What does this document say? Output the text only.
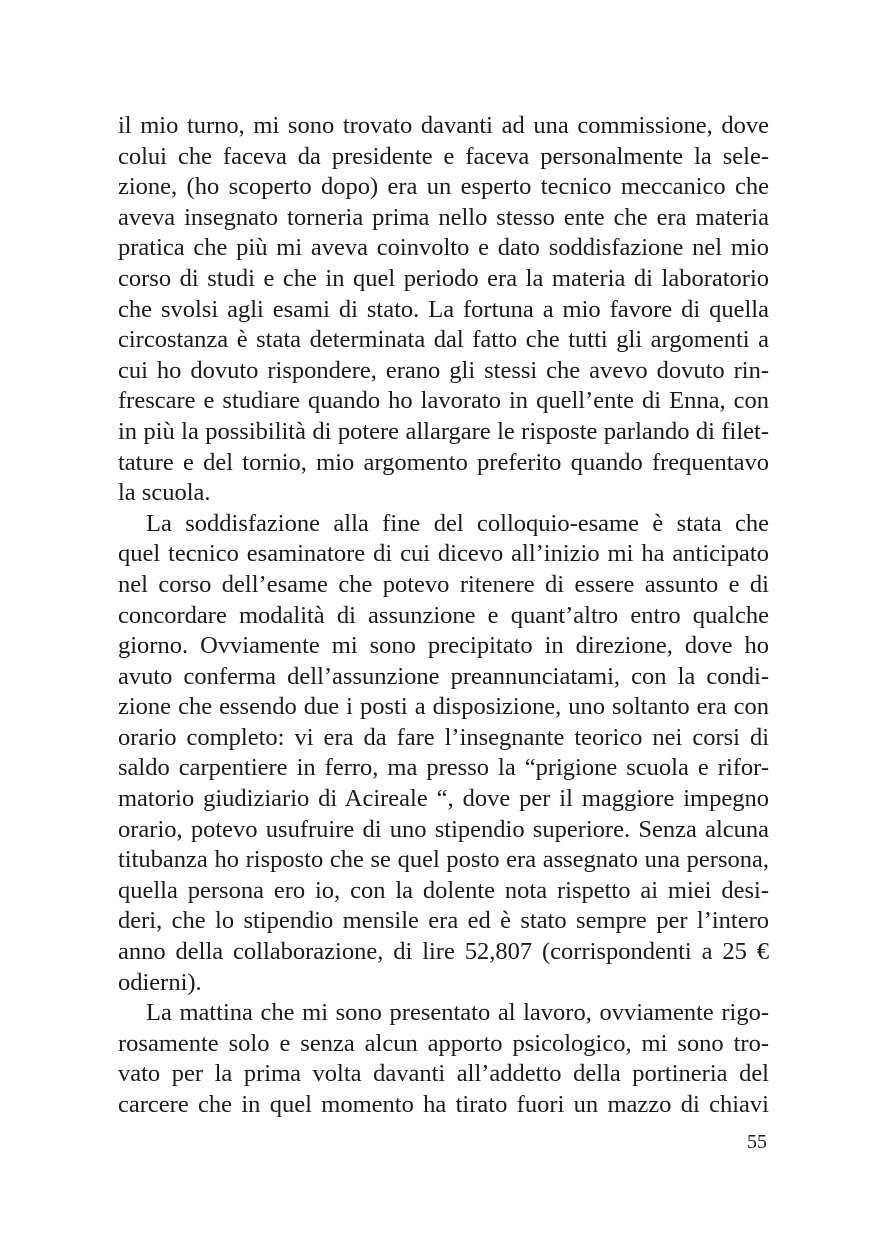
il mio turno, mi sono trovato davanti ad una commissione, dove
colui che faceva da presidente e faceva personalmente la sele-
zione, (ho scoperto dopo) era un esperto tecnico meccanico che
aveva insegnato torneria prima nello stesso ente che era materia
pratica che più mi aveva coinvolto e dato soddisfazione nel mio
corso di studi e che in quel periodo era la materia di laboratorio
che svolsi agli esami di stato. La fortuna a mio favore di quella
circostanza è stata determinata dal fatto che tutti gli argomenti a
cui ho dovuto rispondere, erano gli stessi che avevo dovuto rin-
frescare e studiare quando ho lavorato in quell’ente di Enna, con
in più la possibilità di potere allargare le risposte parlando di filet-
tature e del tornio, mio argomento preferito quando frequentavo
la scuola.
La soddisfazione alla fine del colloquio-esame è stata che
quel tecnico esaminatore di cui dicevo all’inizio mi ha anticipato
nel corso dell’esame che potevo ritenere di essere assunto e di
concordare modalità di assunzione e quant’altro entro qualche
giorno. Ovviamente mi sono precipitato in direzione, dove ho
avuto conferma dell’assunzione preannunciatami, con la condi-
zione che essendo due i posti a disposizione, uno soltanto era con
orario completo: vi era da fare l’insegnante teorico nei corsi di
saldo carpentiere in ferro, ma presso la “prigione scuola e rifor-
matorio giudiziario di Acireale “, dove per il maggiore impegno
orario, potevo usufruire di uno stipendio superiore. Senza alcuna
titubanza ho risposto che se quel posto era assegnato una persona,
quella persona ero io, con la dolente nota rispetto ai miei desi-
deri, che lo stipendio mensile era ed è stato sempre per l’intero
anno della collaborazione, di lire 52,807 (corrispondenti a 25 €
odierni).
La mattina che mi sono presentato al lavoro, ovviamente rigo-
rosamente solo e senza alcun apporto psicologico, mi sono tro-
vato per la prima volta davanti all’addetto della portineria del
carcere che in quel momento ha tirato fuori un mazzo di chiavi
55
